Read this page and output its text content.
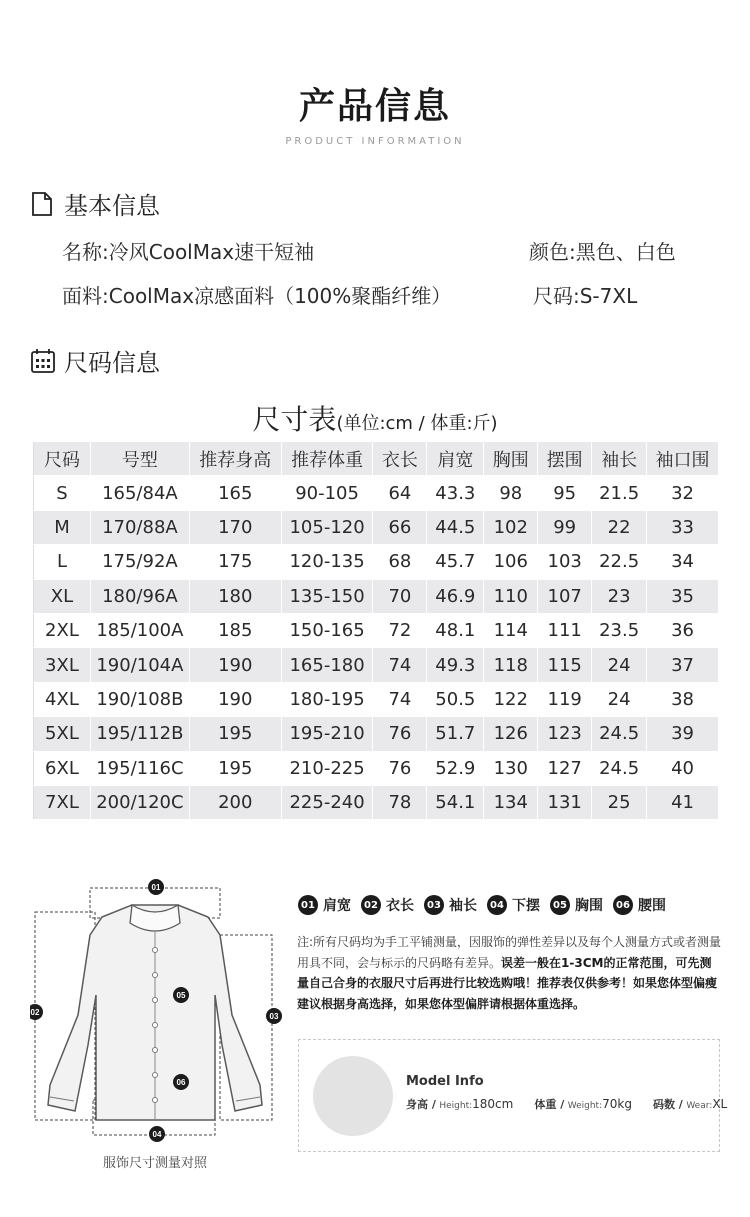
产品信息
PRODUCT INFORMATION
基本信息
名称:冷风CoolMax速干短袖	颜色:黑色、白色
面料:CoolMax凉感面料（100%聚酯纤维）	尺码:S-7XL
尺码信息
尺寸表(单位:cm / 体重:斤)
尺码	号型	推荐身高	推荐体重	衣长	肩宽	胸围	摆围	袖长	袖口围
S	165/84A	165	90-105	64	43.3	98	95	21.5	32
M	170/88A	170	105-120	66	44.5	102	99	22	33
L	175/92A	175	120-135	68	45.7	106	103	22.5	34
XL	180/96A	180	135-150	70	46.9	110	107	23	35
2XL	185/100A	185	150-165	72	48.1	114	111	23.5	36
3XL	190/104A	190	165-180	74	49.3	118	115	24	37
4XL	190/108B	190	180-195	74	50.5	122	119	24	38
5XL	195/112B	195	195-210	76	51.7	126	123	24.5	39
6XL	195/116C	195	210-225	76	52.9	130	127	24.5	40
7XL	200/120C	200	225-240	78	54.1	134	131	25	41
01
02	03
04
05
06
服饰尺寸测量对照
01 肩宽	02 衣长	03 袖长	04 下摆	05 胸围	06 腰围
注:所有尺码均为手工平铺测量，因服饰的弹性差异以及每个人测量方式或者测量用具不同，会与标示的尺码略有差异。误差一般在1-3CM的正常范围，可先测量自己合身的衣服尺寸后再进行比较选购哦！推荐表仅供参考！如果您体型偏瘦建议根据身高选择，如果您体型偏胖请根据体重选择。
Model Info
身高 / Height:180cm 体重 / Weight:70kg 码数 / Wear:XL
